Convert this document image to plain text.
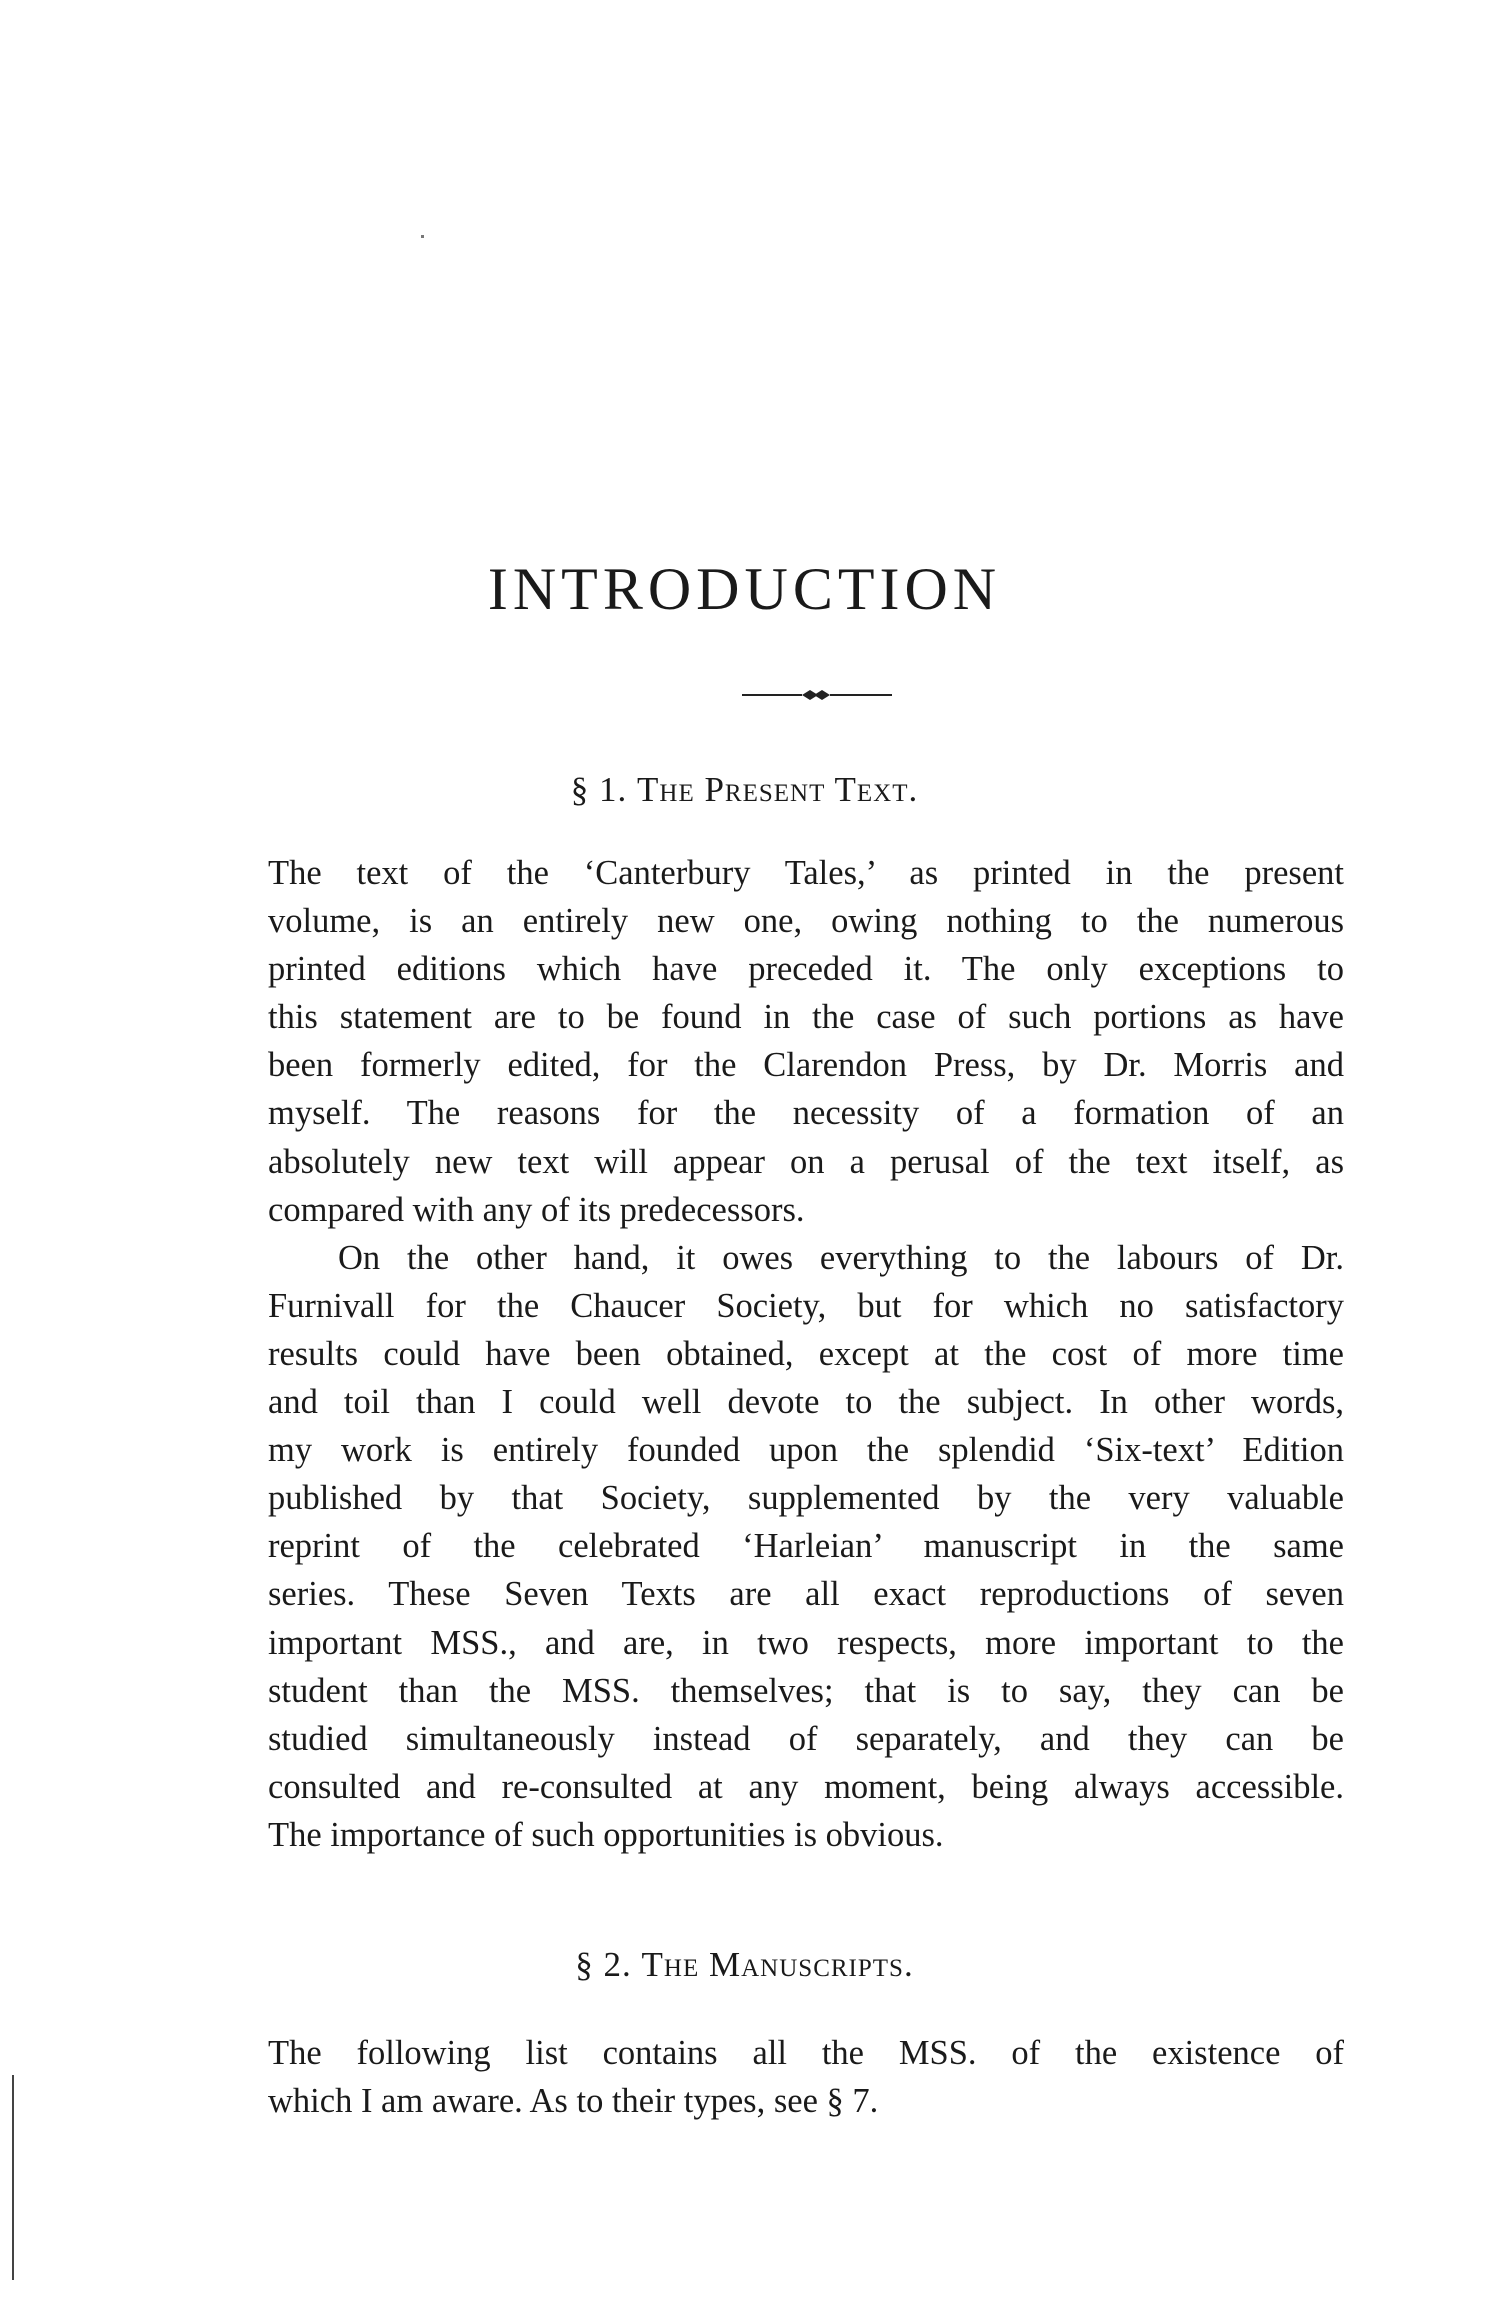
INTRODUCTION
§ 1. The Present Text.
The text of the ‘Canterbury Tales,’ as printed in the present
volume, is an entirely new one, owing nothing to the numerous
printed editions which have preceded it. The only exceptions to
this statement are to be found in the case of such portions as have
been formerly edited, for the Clarendon Press, by Dr. Morris and
myself. The reasons for the necessity of a formation of an
absolutely new text will appear on a perusal of the text itself, as
compared with any of its predecessors.
On the other hand, it owes everything to the labours of Dr.
Furnivall for the Chaucer Society, but for which no satisfactory
results could have been obtained, except at the cost of more time
and toil than I could well devote to the subject. In other words,
my work is entirely founded upon the splendid ‘Six-text’ Edition
published by that Society, supplemented by the very valuable
reprint of the celebrated ‘Harleian’ manuscript in the same
series. These Seven Texts are all exact reproductions of seven
important MSS., and are, in two respects, more important to the
student than the MSS. themselves; that is to say, they can be
studied simultaneously instead of separately, and they can be
consulted and re-consulted at any moment, being always accessible.
The importance of such opportunities is obvious.
§ 2. The Manuscripts.
The following list contains all the MSS. of the existence of
which I am aware. As to their types, see § 7.
